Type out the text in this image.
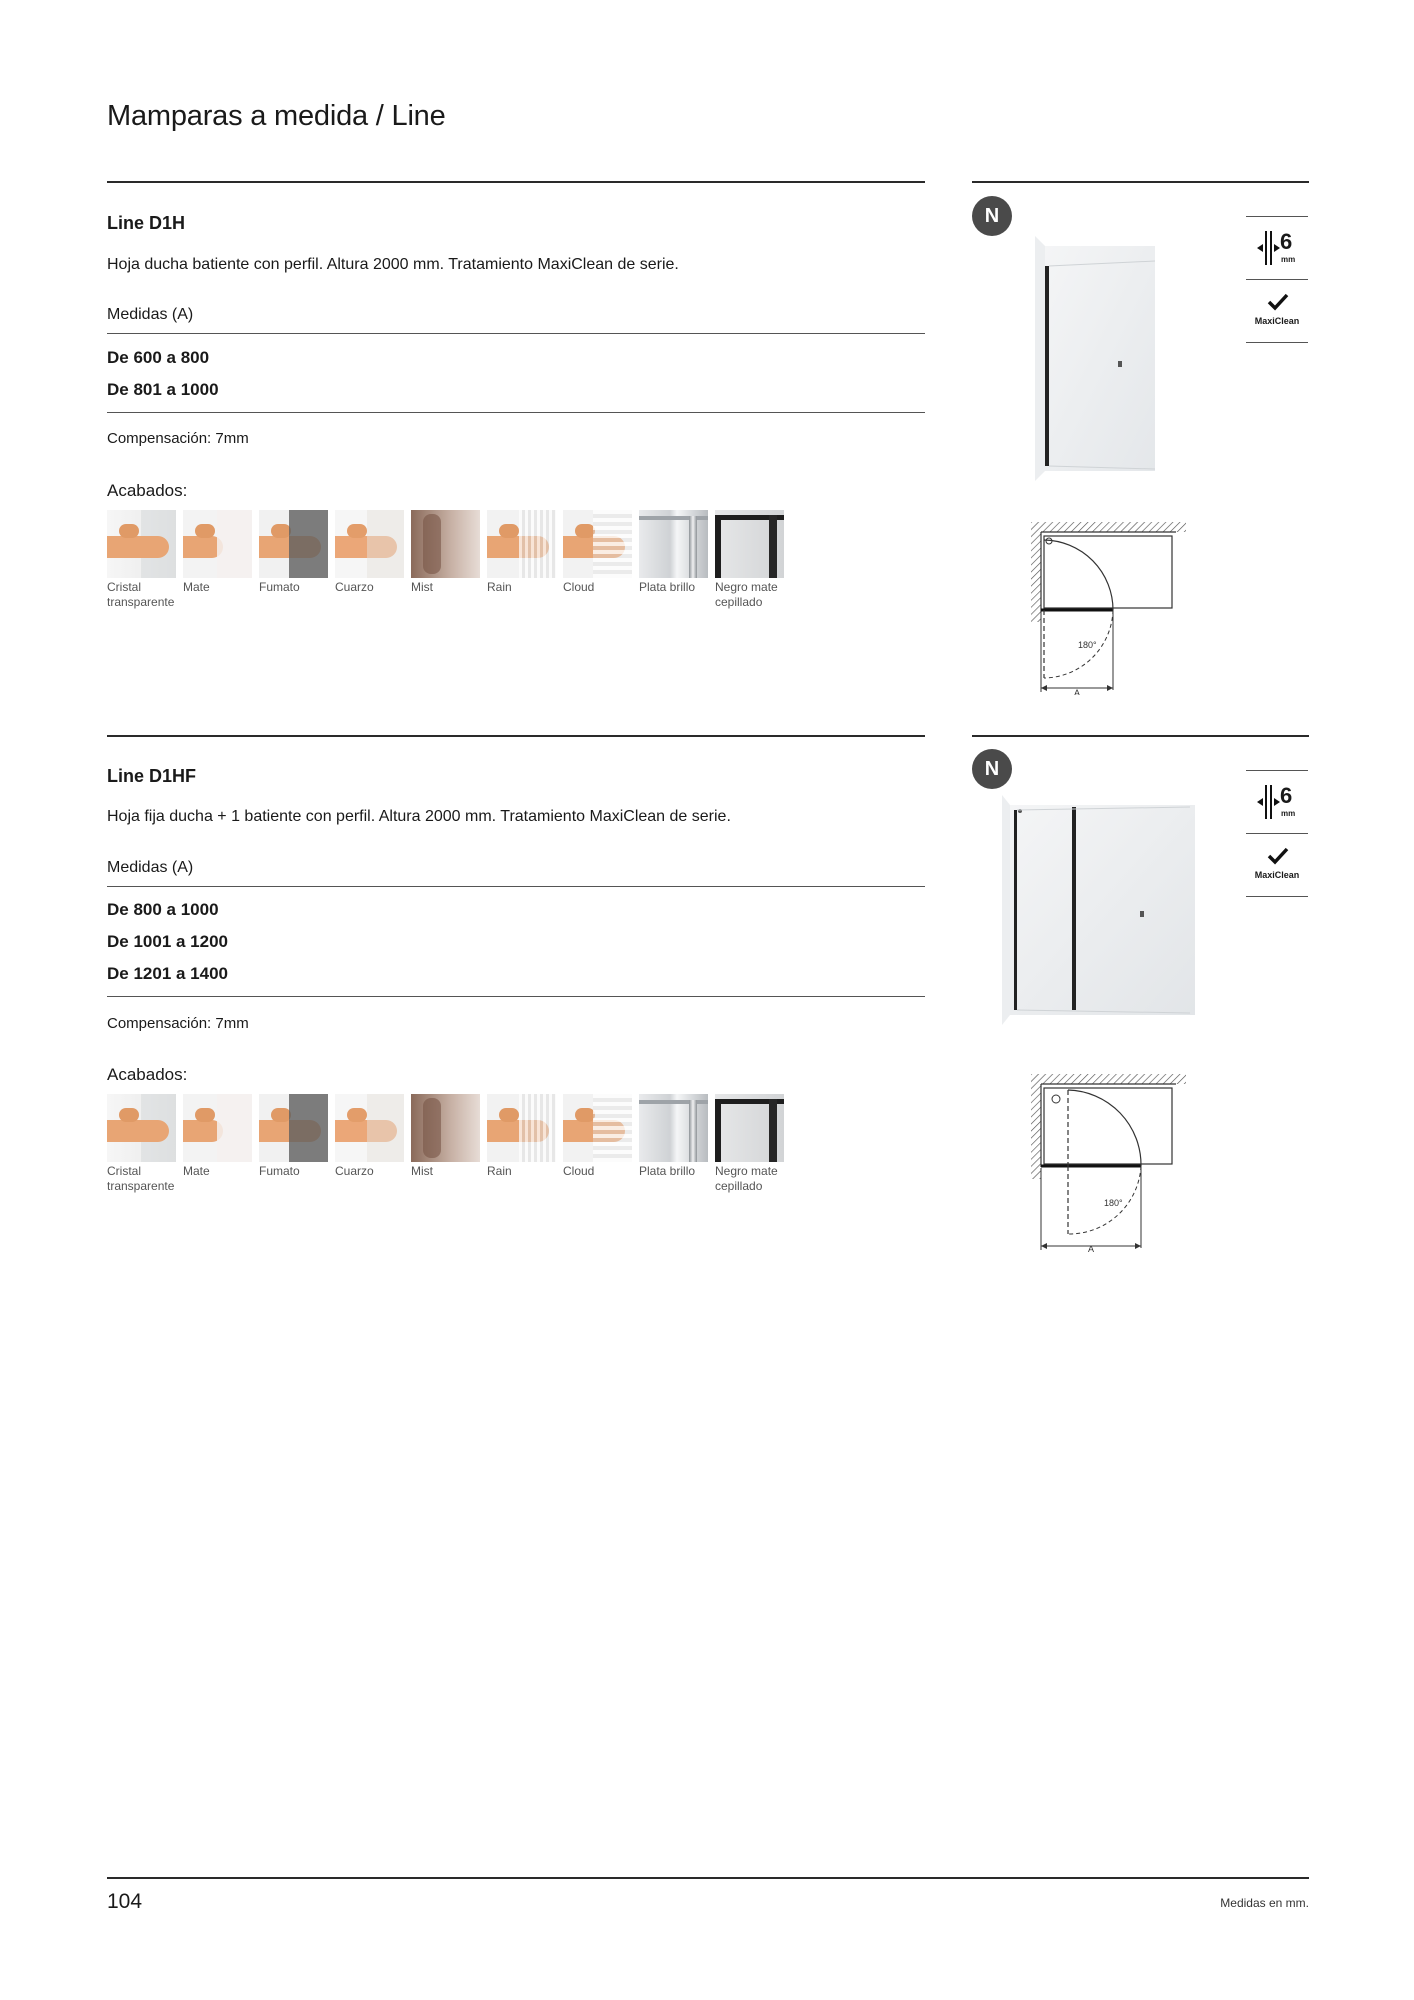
Mamparas a medida / Line
Line D1H
Hoja ducha batiente con perfil. Altura 2000 mm. Tratamiento MaxiClean de serie.
Medidas (A)
De 600 a 800
De 801 a 1000
Compensación: 7mm
Acabados:
Cristal
transparente
Mate	Fumato	Cuarzo	Mist	Rain	Cloud	Plata brillo	Negro mate
cepillado
N
6
mm
MaxiClean
180°
A
Line D1HF
Hoja fija ducha + 1 batiente con perfil. Altura 2000 mm. Tratamiento MaxiClean de serie.
Medidas (A)
De 800 a 1000
De 1001 a 1200
De 1201 a 1400
Compensación: 7mm
Acabados:
Cristal
transparente
Mate	Fumato	Cuarzo	Mist	Rain	Cloud	Plata brillo	Negro mate
cepillado
N
6
mm
MaxiClean
180°
A
104	Medidas en mm.
